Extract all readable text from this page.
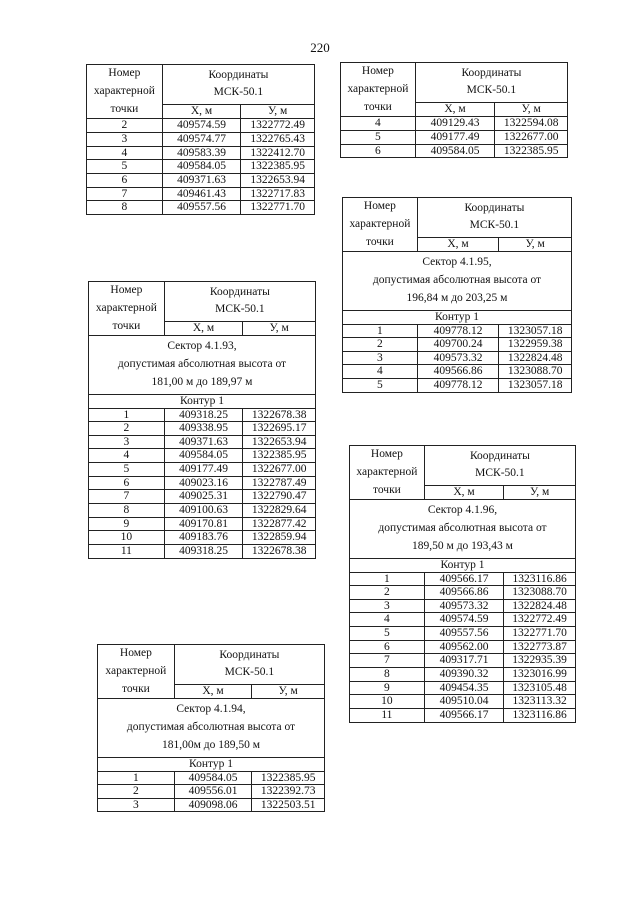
220
Номер
характерной
точки	Координаты
МСК-50.1	
	X, м	У, м
2	409574.59	1322772.49
3	409574.77	1322765.43
4	409583.39	1322412.70
5	409584.05	1322385.95
6	409371.63	1322653.94
7	409461.43	1322717.83
8	409557.56	1322771.70
Номер
характерной
точки	Координаты
МСК-50.1	
	X, м	У, м
4	409129.43	1322594.08
5	409177.49	1322677.00
6	409584.05	1322385.95
Номер
характерной
точки	Координаты
МСК-50.1	
	X, м	У, м
Сектор 4.1.93,
допустимая абсолютная высота от
181,00 м до 189,97 м		
Контур 1		
1	409318.25	1322678.38
2	409338.95	1322695.17
3	409371.63	1322653.94
4	409584.05	1322385.95
5	409177.49	1322677.00
6	409023.16	1322787.49
7	409025.31	1322790.47
8	409100.63	1322829.64
9	409170.81	1322877.42
10	409183.76	1322859.94
11	409318.25	1322678.38
Номер
характерной
точки	Координаты
МСК-50.1	
	X, м	У, м
Сектор 4.1.95,
допустимая абсолютная высота от
196,84 м до 203,25 м		
Контур 1		
1	409778.12	1323057.18
2	409700.24	1322959.38
3	409573.32	1322824.48
4	409566.86	1323088.70
5	409778.12	1323057.18
Номер
характерной
точки	Координаты
МСК-50.1	
	X, м	У, м
Сектор 4.1.96,
допустимая абсолютная высота от
189,50 м до 193,43 м		
Контур 1		
1	409566.17	1323116.86
2	409566.86	1323088.70
3	409573.32	1322824.48
4	409574.59	1322772.49
5	409557.56	1322771.70
6	409562.00	1322773.87
7	409317.71	1322935.39
8	409390.32	1323016.99
9	409454.35	1323105.48
10	409510.04	1323113.32
11	409566.17	1323116.86
Номер
характерной
точки	Координаты
МСК-50.1	
	X, м	У, м
Сектор 4.1.94,
допустимая абсолютная высота от
181,00м до 189,50 м		
Контур 1		
1	409584.05	1322385.95
2	409556.01	1322392.73
3	409098.06	1322503.51
